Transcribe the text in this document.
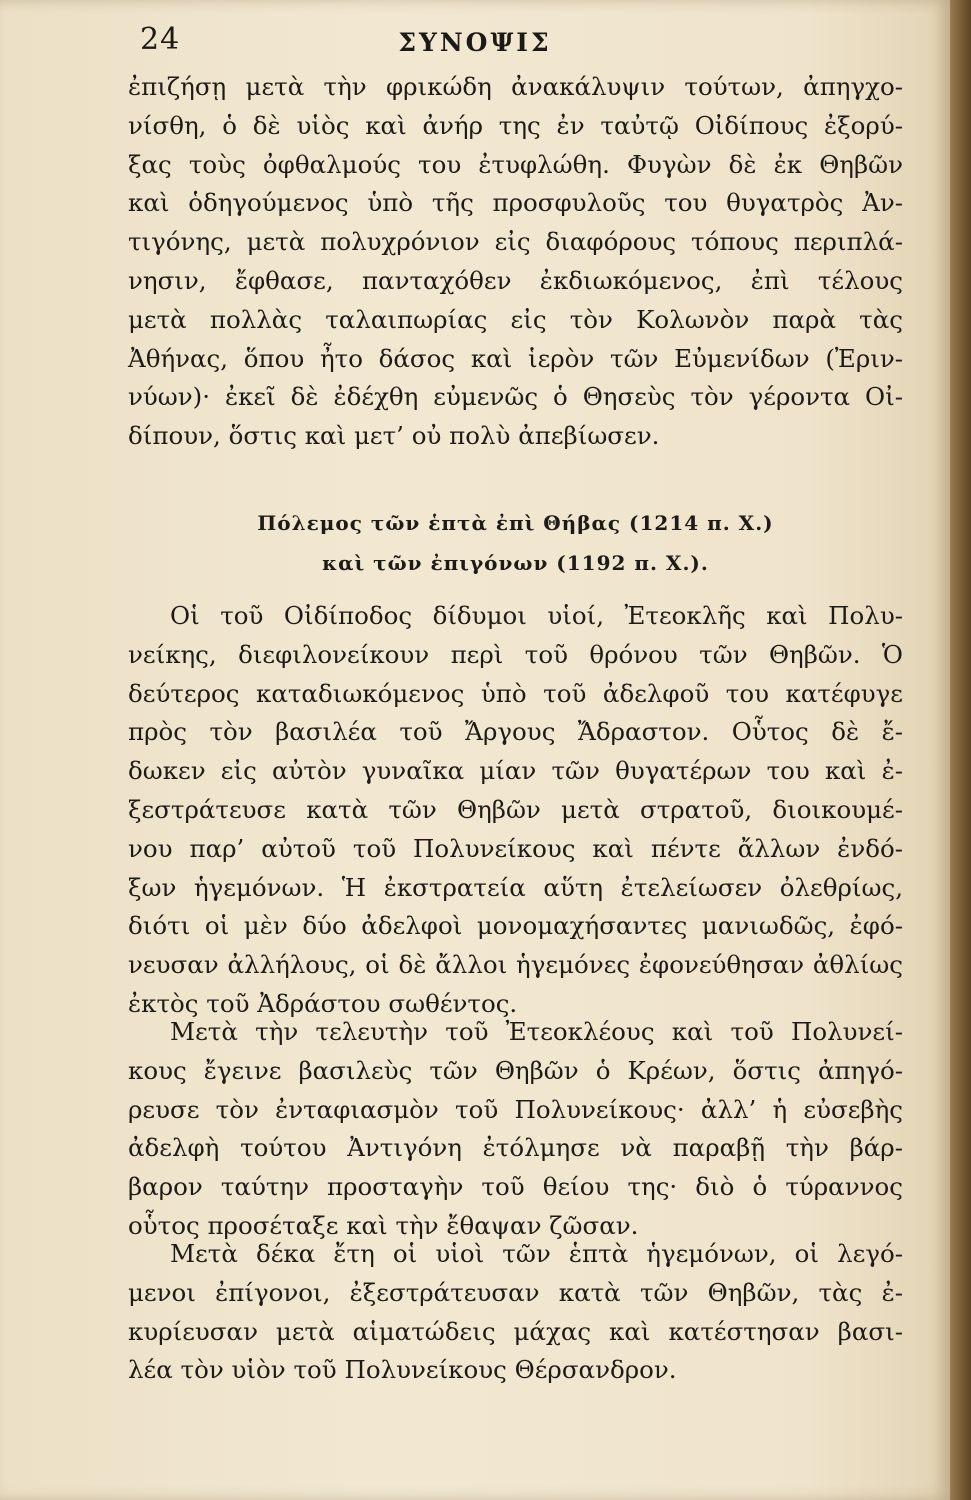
24	ΣΥΝΟΨΙΣ
ἐπιζήσῃ μετὰ τὴν φρικώδη ἀνακάλυψιν τούτων, ἀπηγχο-
νίσθη, ὁ δὲ υἱὸς καὶ ἀνήρ της ἐν ταὐτῷ Οἰδίπους ἐξορύ-
ξας τοὺς ὀφθαλμούς του ἐτυφλώθη. Φυγὼν δὲ ἐκ Θηβῶν
καὶ ὁδηγούμενος ὑπὸ τῆς προσφυλοῦς του θυγατρὸς Ἀν-
τιγόνης, μετὰ πολυχρόνιον εἰς διαφόρους τόπους περιπλά-
νησιν, ἔφθασε, πανταχόθεν ἐκδιωκόμενος, ἐπὶ τέλους
μετὰ πολλὰς ταλαιπωρίας εἰς τὸν Κολωνὸν παρὰ τὰς
Ἀθήνας, ὅπου ἦτο δάσος καὶ ἱερὸν τῶν Εὐμενίδων (Ἐριν-
νύων)· ἐκεῖ δὲ ἐδέχθη εὐμενῶς ὁ Θησεὺς τὸν γέροντα Οἰ-
δίπουν, ὅστις καὶ μετ’ οὐ πολὺ ἀπεβίωσεν.
Πόλεμος τῶν ἑπτὰ ἐπὶ Θήβας (1214 π. Χ.)
καὶ τῶν ἐπιγόνων (1192 π. Χ.).
Οἱ τοῦ Οἰδίποδος δίδυμοι υἱοί, Ἐτεοκλῆς καὶ Πολυ-
νείκης, διεφιλονείκουν περὶ τοῦ θρόνου τῶν Θηβῶν. Ὁ
δεύτερος καταδιωκόμενος ὑπὸ τοῦ ἀδελφοῦ του κατέφυγε
πρὸς τὸν βασιλέα τοῦ Ἄργους Ἄδραστον. Οὗτος δὲ ἔ-
δωκεν εἰς αὐτὸν γυναῖκα μίαν τῶν θυγατέρων του καὶ ἐ-
ξεστράτευσε κατὰ τῶν Θηβῶν μετὰ στρατοῦ, διοικουμέ-
νου παρ’ αὐτοῦ τοῦ Πολυνείκους καὶ πέντε ἄλλων ἐνδό-
ξων ἡγεμόνων. Ἡ ἐκστρατεία αὕτη ἐτελείωσεν ὀλεθρίως,
διότι οἱ μὲν δύο ἀδελφοὶ μονομαχήσαντες μανιωδῶς, ἐφό-
νευσαν ἀλλήλους, οἱ δὲ ἄλλοι ἡγεμόνες ἐφονεύθησαν ἀθλίως
ἐκτὸς τοῦ Ἀδράστου σωθέντος.
Μετὰ τὴν τελευτὴν τοῦ Ἐτεοκλέους καὶ τοῦ Πολυνεί-
κους ἔγεινε βασιλεὺς τῶν Θηβῶν ὁ Κρέων, ὅστις ἀπηγό-
ρευσε τὸν ἐνταφιασμὸν τοῦ Πολυνείκους· ἀλλ’ ἡ εὐσεβὴς
ἀδελφὴ τούτου Ἀντιγόνη ἐτόλμησε νὰ παραβῇ τὴν βάρ-
βαρον ταύτην προσταγὴν τοῦ θείου της· διὸ ὁ τύραννος
οὗτος προσέταξε καὶ τὴν ἔθαψαν ζῶσαν.
Μετὰ δέκα ἔτη οἱ υἱοὶ τῶν ἑπτὰ ἡγεμόνων, οἱ λεγό-
μενοι ἐπίγονοι, ἐξεστράτευσαν κατὰ τῶν Θηβῶν, τὰς ἐ-
κυρίευσαν μετὰ αἱματώδεις μάχας καὶ κατέστησαν βασι-
λέα τὸν υἱὸν τοῦ Πολυνείκους Θέρσανδρον.
